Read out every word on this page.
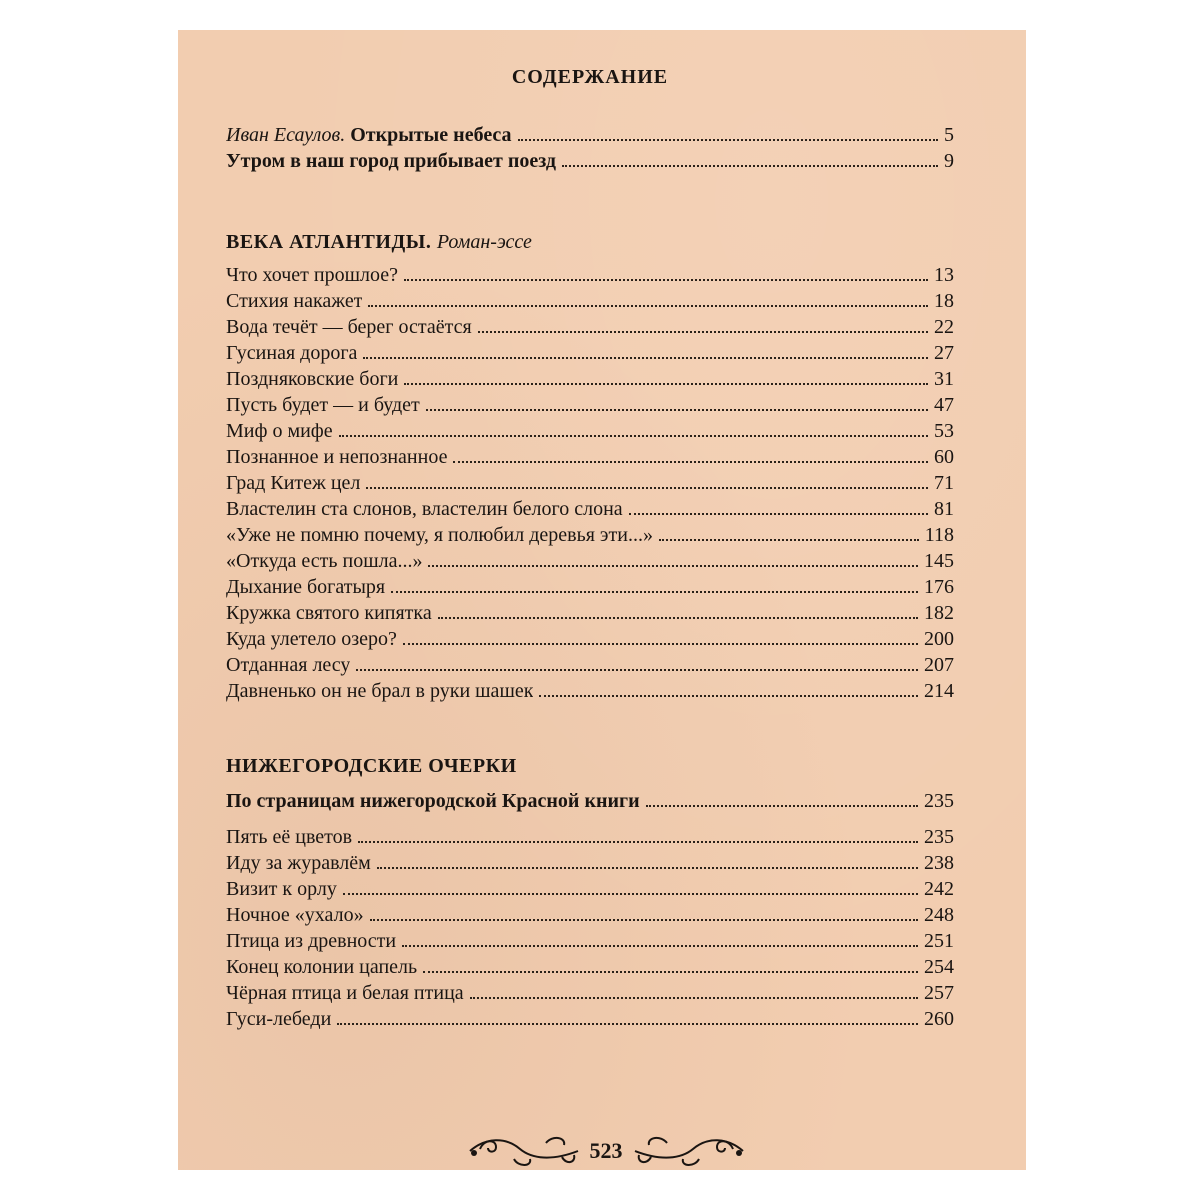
СОДЕРЖАНИЕ
Иван Есаулов. Открытые небеса	5
Утром в наш город прибывает поезд	9
ВЕКА АТЛАНТИДЫ. Роман-эссе
Что хочет прошлое?	13
Стихия накажет	18
Вода течёт — берег остаётся	22
Гусиная дорога	27
Поздняковские боги	31
Пусть будет — и будет	47
Миф о мифе	53
Познанное и непознанное	60
Град Китеж цел	71
Властелин ста слонов, властелин белого слона	81
«Уже не помню почему, я полюбил деревья эти...»	118
«Откуда есть пошла...»	145
Дыхание богатыря	176
Кружка святого кипятка	182
Куда улетело озеро?	200
Отданная лесу	207
Давненько он не брал в руки шашек	214
НИЖЕГОРОДСКИЕ ОЧЕРКИ
По страницам нижегородской Красной книги	235
Пять её цветов	235
Иду за журавлём	238
Визит к орлу	242
Ночное «ухало»	248
Птица из древности	251
Конец колонии цапель	254
Чёрная птица и белая птица	257
Гуси-лебеди	260
523
